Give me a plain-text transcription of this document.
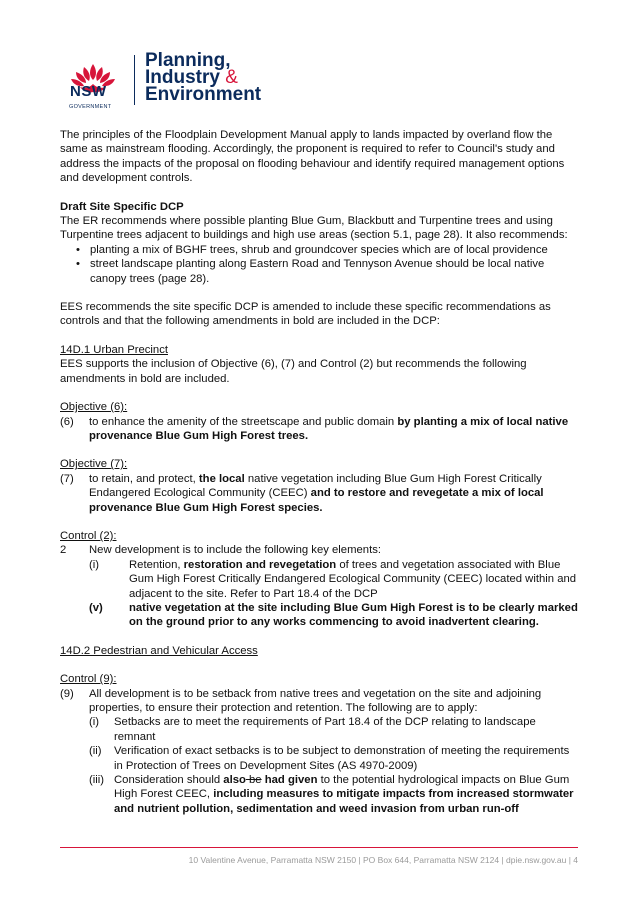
NSW
GOVERNMENT
Planning,
Industry &
Environment

The principles of the Floodplain Development Manual apply to lands impacted by overland flow the same as mainstream flooding. Accordingly, the proponent is required to refer to Council's study and address the impacts of the proposal on flooding behaviour and identify required management options and development controls.

Draft Site Specific DCP

The ER recommends where possible planting Blue Gum, Blackbutt and Turpentine trees and using Turpentine trees adjacent to buildings and high use areas (section 5.1, page 28). It also recommends:

• planting a mix of BGHF trees, shrub and groundcover species which are of local providence
• street landscape planting along Eastern Road and Tennyson Avenue should be local native canopy trees (page 28).

EES recommends the site specific DCP is amended to include these specific recommendations as controls and that the following amendments in bold are included in the DCP:

14D.1 Urban Precinct

EES supports the inclusion of Objective (6), (7) and Control (2) but recommends the following amendments in bold are included.

Objective (6):

(6)	to enhance the amenity of the streetscape and public domain by planting a mix of local native provenance Blue Gum High Forest trees.

Objective (7):

(7)	to retain, and protect, the local native vegetation including Blue Gum High Forest Critically Endangered Ecological Community (CEEC) and to restore and revegetate a mix of local provenance Blue Gum High Forest species.

Control (2):

2	New development is to include the following key elements:
(i)	Retention, restoration and revegetation of trees and vegetation associated with Blue Gum High Forest Critically Endangered Ecological Community (CEEC) located within and adjacent to the site. Refer to Part 18.4 of the DCP
(v)	native vegetation at the site including Blue Gum High Forest is to be clearly marked on the ground prior to any works commencing to avoid inadvertent clearing.

14D.2 Pedestrian and Vehicular Access

Control (9):

(9)	All development is to be setback from native trees and vegetation on the site and adjoining properties, to ensure their protection and retention. The following are to apply:
(i)	Setbacks are to meet the requirements of Part 18.4 of the DCP relating to landscape remnant
(ii)	Verification of exact setbacks is to be subject to demonstration of meeting the requirements in Protection of Trees on Development Sites (AS 4970-2009)
(iii) Consideration should also be had given to the potential hydrological impacts on Blue Gum High Forest CEEC, including measures to mitigate impacts from increased stormwater and nutrient pollution, sedimentation and weed invasion from urban run-off
10 Valentine Avenue, Parramatta NSW 2150 | PO Box 644, Parramatta NSW 2124 | dpie.nsw.gov.au | 4
